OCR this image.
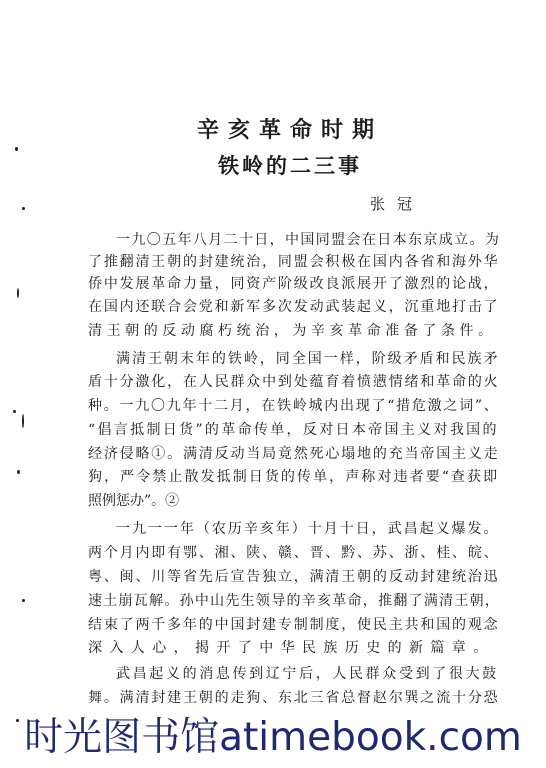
辛亥革命时期
铁岭的二三事
张冠
一九〇五年八月二十日，中国同盟会在日本东京成立。为
了推翻清王朝的封建统治，同盟会积极在国内各省和海外华
侨中发展革命力量，同资产阶级改良派展开了激烈的论战，
在国内还联合会党和新军多次发动武装起义，沉重地打击了
清王朝的反动腐朽统治，为辛亥革命准备了条件。
满清王朝末年的铁岭，同全国一样，阶级矛盾和民族矛
盾十分激化，在人民群众中到处蕴育着愤懑情绪和革命的火
种。一九〇九年十二月，在铁岭城内出现了“措危激之词”、
“倡言抵制日货”的革命传单，反对日本帝国主义对我国的
经济侵略①。满清反动当局竟然死心塌地的充当帝国主义走
狗，严令禁止散发抵制日货的传单，声称对违者要“查获即
照例惩办”。②
一九一一年（农历辛亥年）十月十日，武昌起义爆发。
两个月内即有鄂、湘、陕、赣、晋、黔、苏、浙、桂、皖、
粤、闽、川等省先后宣告独立，满清王朝的反动封建统治迅
速土崩瓦解。孙中山先生领导的辛亥革命，推翻了满清王朝，
结束了两千多年的中国封建专制制度，使民主共和国的观念
深入人心，揭开了中华民族历史的新篇章。
武昌起义的消息传到辽宁后，人民群众受到了很大鼓
舞。满清封建王朝的走狗、东北三省总督赵尔巽之流十分恐
时光图书馆atimebook.com
